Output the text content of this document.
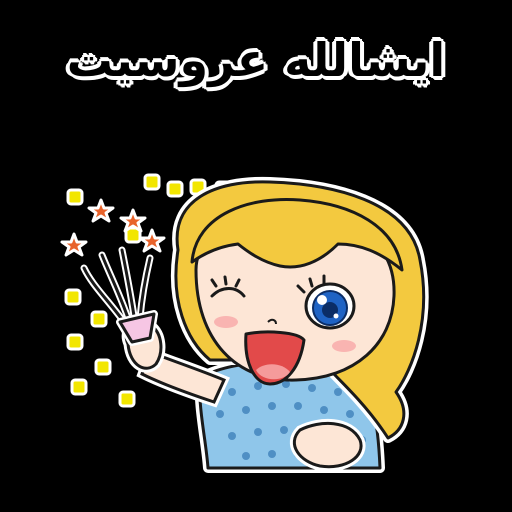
ایشالله عروسیت
